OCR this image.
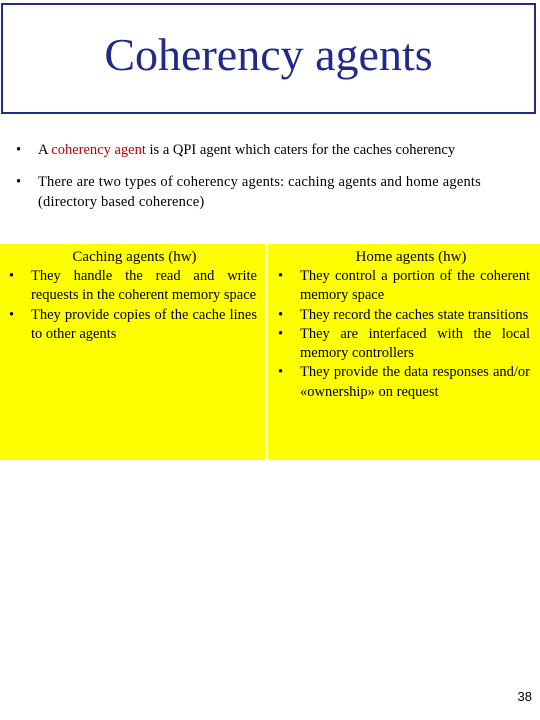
Coherency agents

• A coherency agent is a QPI agent which caters for the caches coherency

• There are two types of coherency agents: caching agents and home agents (directory based coherence)

Caching agents (hw)
• They handle the read and write requests in the coherent memory space
• They provide copies of the cache lines to other agents
Home agents (hw)
• They control a portion of the coherent memory space
• They record the caches state transitions
• They are interfaced with the local memory controllers
• They provide the data responses and/or «ownership» on request
38
